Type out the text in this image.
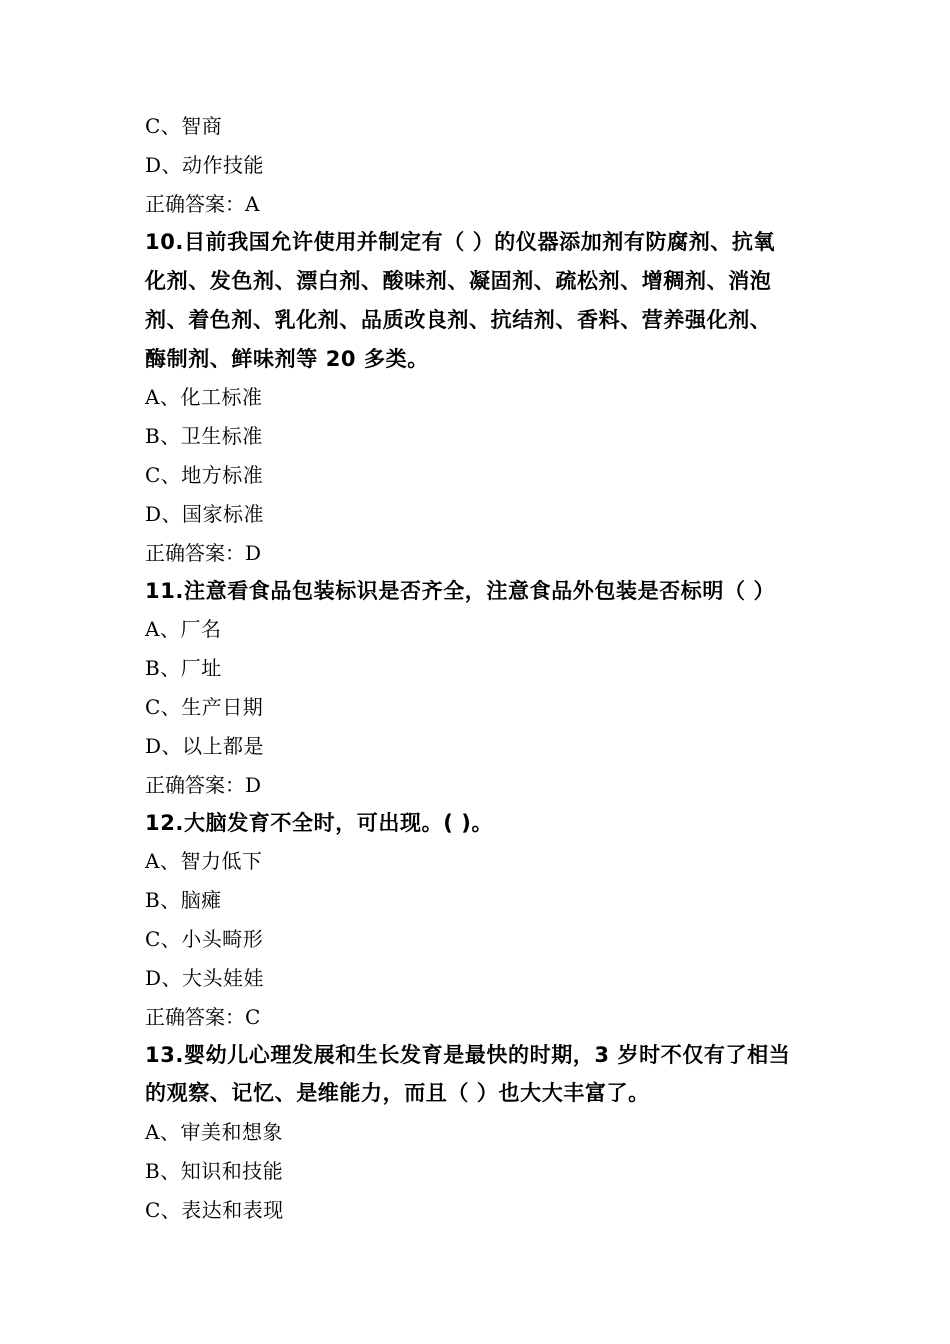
C、智商
D、动作技能
正确答案：A
10.目前我国允许使用并制定有（ ）的仪器添加剂有防腐剂、抗氧
化剂、发色剂、漂白剂、酸味剂、凝固剂、疏松剂、增稠剂、消泡
剂、着色剂、乳化剂、品质改良剂、抗结剂、香料、营养强化剂、
酶制剂、鲜味剂等 20 多类。
A、化工标准
B、卫生标准
C、地方标准
D、国家标准
正确答案：D
11.注意看食品包装标识是否齐全，注意食品外包装是否标明（ ）
A、厂名
B、厂址
C、生产日期
D、以上都是
正确答案：D
12.大脑发育不全时，可出现。( )。
A、智力低下
B、脑瘫
C、小头畸形
D、大头娃娃
正确答案：C
13.婴幼儿心理发展和生长发育是最快的时期，3 岁时不仅有了相当
的观察、记忆、是维能力，而且（ ）也大大丰富了。
A、审美和想象
B、知识和技能
C、表达和表现
